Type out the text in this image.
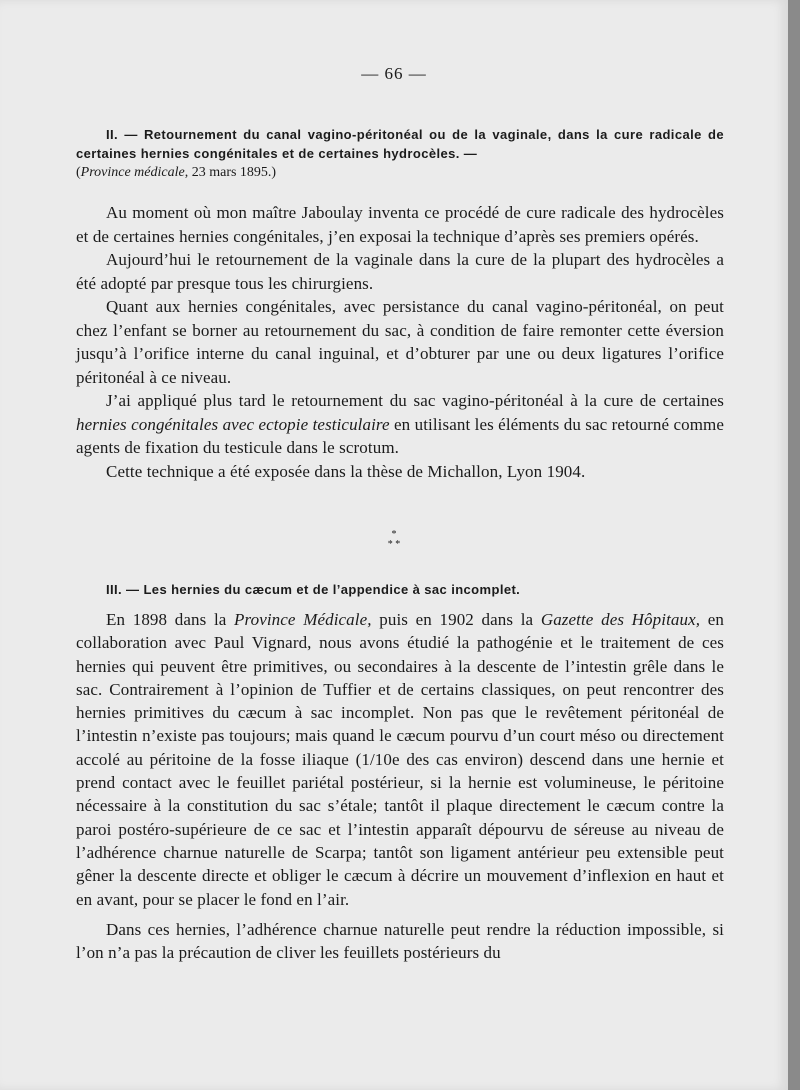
— 66 —
II. — Retournement du canal vagino-péritonéal ou de la vaginale, dans la cure radicale de certaines hernies congénitales et de certaines hydrocèles. —
(Province médicale, 23 mars 1895.)

Au moment où mon maître Jaboulay inventa ce procédé de cure radicale des hydrocèles et de certaines hernies congénitales, j’en exposai la technique d’après ses premiers opérés.

Aujourd’hui le retournement de la vaginale dans la cure de la plupart des hydrocèles a été adopté par presque tous les chirurgiens.

Quant aux hernies congénitales, avec persistance du canal vagino-péritonéal, on peut chez l’enfant se borner au retournement du sac, à condition de faire remonter cette éversion jusqu’à l’orifice interne du canal inguinal, et d’obturer par une ou deux ligatures l’orifice péritonéal à ce niveau.

J’ai appliqué plus tard le retournement du sac vagino-péritonéal à la cure de certaines hernies congénitales avec ectopie testiculaire en utilisant les éléments du sac retourné comme agents de fixation du testicule dans le scrotum.

Cette technique a été exposée dans la thèse de Michallon, Lyon 1904.

*
* *
III. — Les hernies du cæcum et de l’appendice à sac incomplet.

En 1898 dans la Province Médicale, puis en 1902 dans la Gazette des Hôpitaux, en collaboration avec Paul Vignard, nous avons étudié la pathogénie et le traitement de ces hernies qui peuvent être primitives, ou secondaires à la descente de l’intestin grêle dans le sac. Contrairement à l’opinion de Tuffier et de certains classiques, on peut rencontrer des hernies primitives du cæcum à sac incomplet. Non pas que le revêtement péritonéal de l’intestin n’existe pas toujours; mais quand le cæcum pourvu d’un court méso ou directement accolé au péritoine de la fosse iliaque (1/10e des cas environ) descend dans une hernie et prend contact avec le feuillet pariétal postérieur, si la hernie est volumineuse, le péritoine nécessaire à la constitution du sac s’étale; tantôt il plaque directement le cæcum contre la paroi postéro-supérieure de ce sac et l’intestin apparaît dépourvu de séreuse au niveau de l’adhérence charnue naturelle de Scarpa; tantôt son ligament antérieur peu extensible peut gêner la descente directe et obliger le cæcum à décrire un mouvement d’inflexion en haut et en avant, pour se placer le fond en l’air.

Dans ces hernies, l’adhérence charnue naturelle peut rendre la réduction impossible, si l’on n’a pas la précaution de cliver les feuillets postérieurs du
